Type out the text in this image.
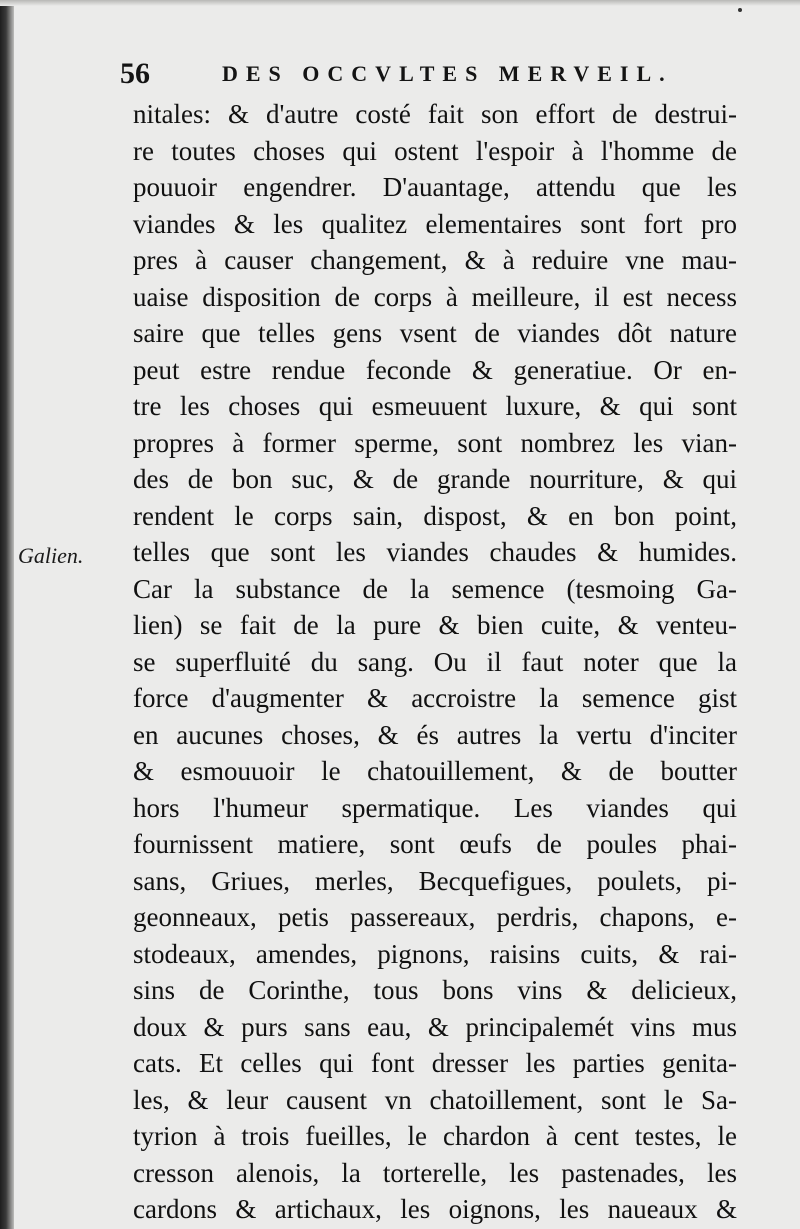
56	DES OCCVLTES MERVEIL.
Galien.
nitales: & d'autre costé fait son effort de destrui-
re toutes choses qui ostent l'espoir à l'homme de
pouuoir engendrer. D'auantage, attendu que les
viandes & les qualitez elementaires sont fort pro
pres à causer changement, & à reduire vne mau-
uaise disposition de corps à meilleure, il est necess
saire que telles gens vsent de viandes dôt nature
peut estre rendue feconde & generatiue. Or en-
tre les choses qui esmeuuent luxure, & qui sont
propres à former sperme, sont nombrez les vian-
des de bon suc, & de grande nourriture, & qui
rendent le corps sain, dispost, & en bon point,
telles que sont les viandes chaudes & humides.
Car la substance de la semence (tesmoing Ga-
lien) se fait de la pure & bien cuite, & venteu-
se superfluité du sang. Ou il faut noter que la
force d'augmenter & accroistre la semence gist
en aucunes choses, & és autres la vertu d'inciter
& esmouuoir le chatouillement, & de boutter
hors l'humeur spermatique. Les viandes qui
fournissent matiere, sont œufs de poules phai-
sans, Griues, merles, Becquefigues, poulets, pi-
geonneaux, petis passereaux, perdris, chapons, e-
stodeaux, amendes, pignons, raisins cuits, & rai-
sins de Corinthe, tous bons vins & delicieux,
doux & purs sans eau, & principalemét vins mus
cats. Et celles qui font dresser les parties genita-
les, & leur causent vn chatoillement, sont le Sa-
tyrion à trois fueilles, le chardon à cent testes, le
cresson alenois, la torterelle, les pastenades, les
cardons & artichaux, les oignons, les naueaux &
